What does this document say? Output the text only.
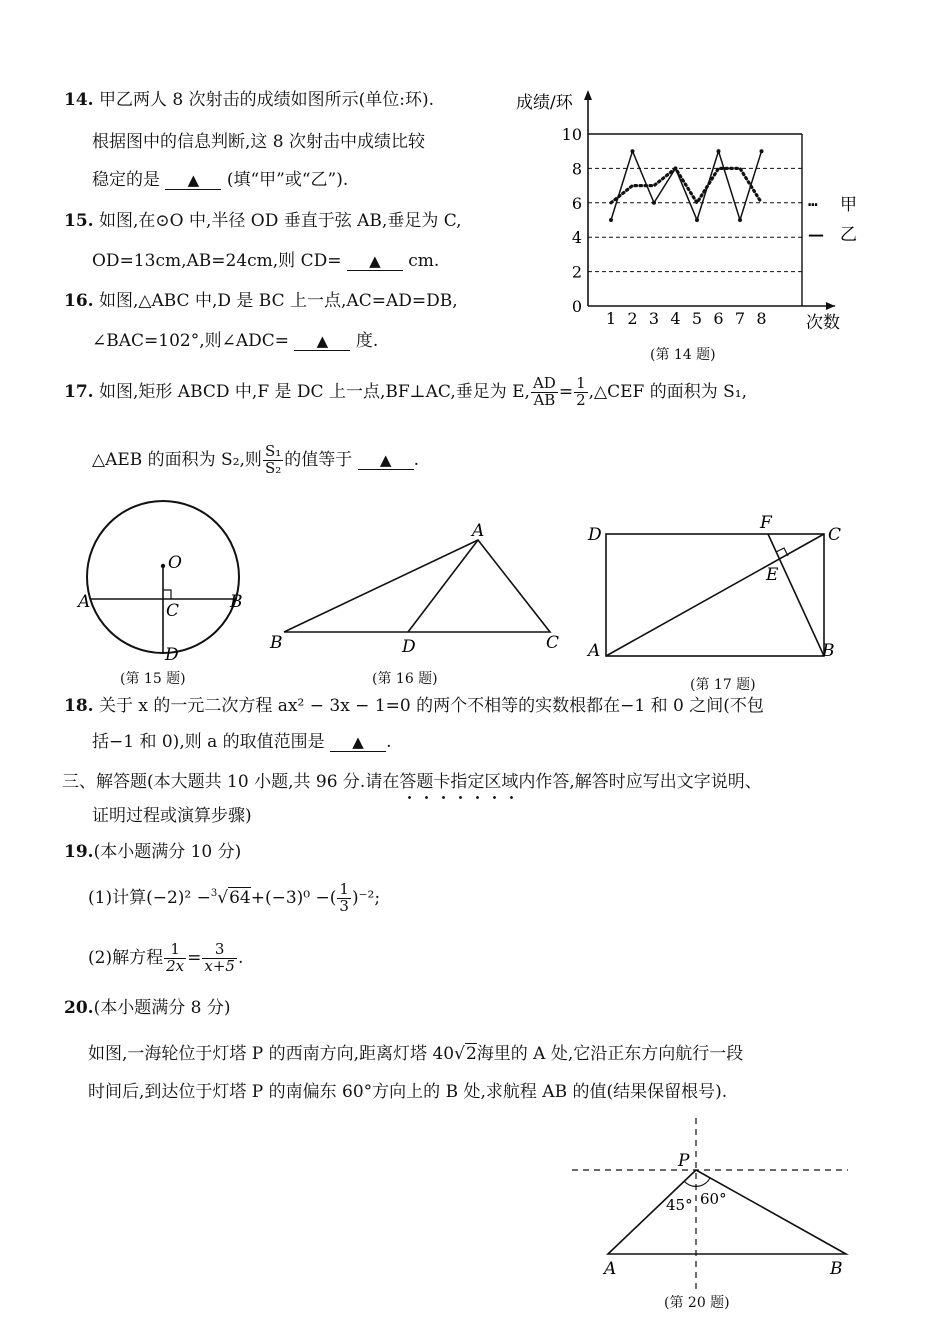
14. 甲乙两人 8 次射击的成绩如图所示(单位:环).
根据图中的信息判断,这 8 次射击中成绩比较
稳定的是 ▲ (填“甲”或“乙”).
0
2
4
6
8
10
1 2 3 4 5 6 7 8
成绩/环
次数
┅ 甲
— 乙
(第 14 题)
15. 如图,在⊙O 中,半径 OD 垂直于弦 AB,垂足为 C,
OD=13cm,AB=24cm,则 CD= ▲ cm.
16. 如图,△ABC 中,D 是 BC 上一点,AC=AD=DB,
∠BAC=102°,则∠ADC= ▲ 度.
17. 如图,矩形 ABCD 中,F 是 DC 上一点,BF⊥AC,垂足为 E, $\frac{AD}{AB} = \frac{1}{2}$ ,△CEF 的面积为 S₁,
△AEB 的面积为 S₂,则 $\frac{\text{S₁}}{\text{S₂}}$ 的值等于 ▲ .
O
A	B
C
D
(第 15 题)
A
B	D	C
(第 16 题)
D
F
C
E
A	B
(第 17 题)
18. 关于 x 的一元二次方程 ax² − 3x − 1=0 的两个不相等的实数根都在−1 和 0 之间(不包
括−1 和 0),则 a 的取值范围是 ▲ .
三、解答题(本大题共 10 小题,共 96 分.请在答题卡指定区域内作答,解答时应写出文字说明、
证明过程或演算步骤)
19.(本小题满分 10 分)
(1)计算(−2)² −$^3$√64+(−3)⁰ −( $\frac{1}{3} )^{-2}$;
(2)解方程 $\frac{1}{2x} = \frac{3}{x+5}$ .
20.(本小题满分 8 分)
如图,一海轮位于灯塔 P 的西南方向,距离灯塔 40√2海里的 A 处,它沿正东方向航行一段
时间后,到达位于灯塔 P 的南偏东 60°方向上的 B 处,求航程 AB 的值(结果保留根号).
P
45° 60°
A	B
(第 20 题)
